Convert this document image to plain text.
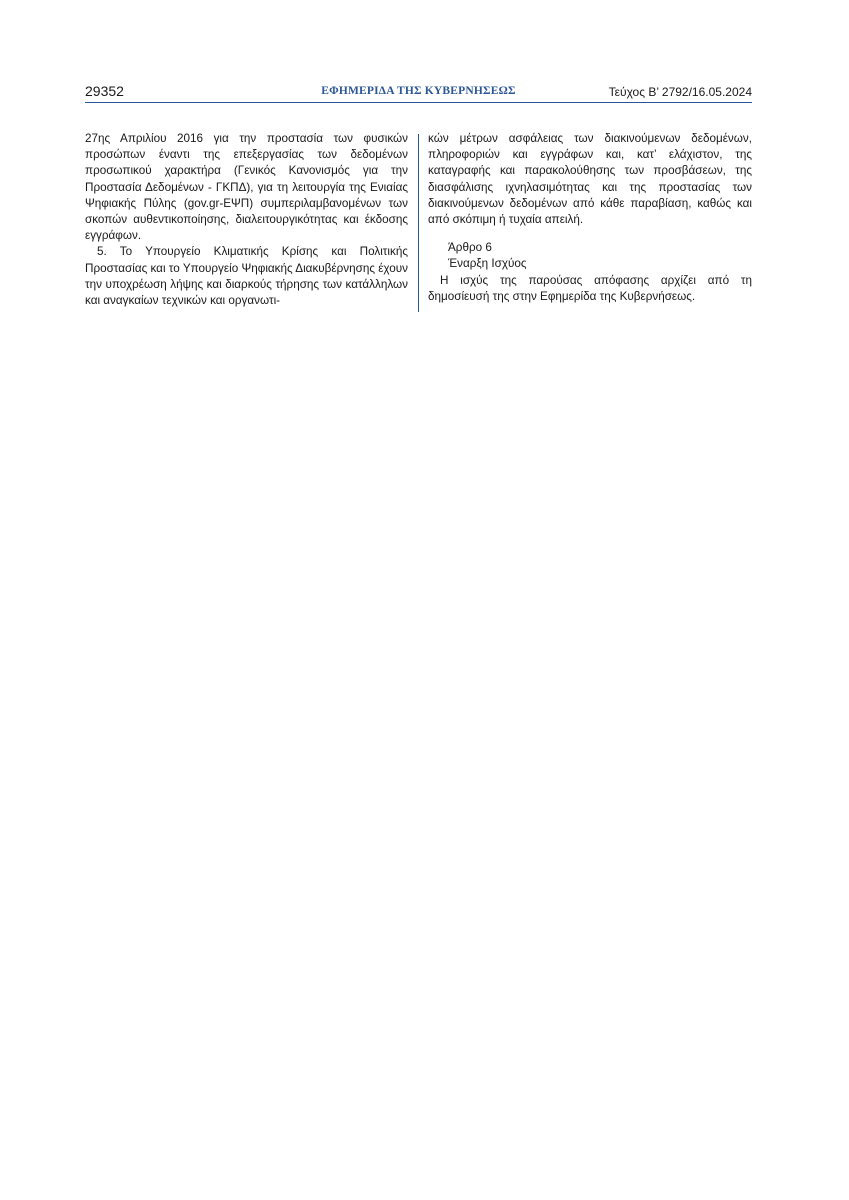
29352	ΕΦΗΜΕΡΙΔΑ ΤΗΣ ΚΥΒΕΡΝΗΣΕΩΣ	Τεύχος Β’ 2792/16.05.2024

27ης Απριλίου 2016 για την προστασία των φυσικών προσώπων έναντι της επεξεργασίας των δεδομένων προσωπικού χαρακτήρα (Γενικός Κανονισμός για την Προστασία Δεδομένων - ΓΚΠΔ), για τη λειτουργία της Ενιαίας Ψηφιακής Πύλης (gov.gr-ΕΨΠ) συμπεριλαμβανομένων των σκοπών αυθεντικοποίησης, διαλειτουργικότητας και έκδοσης εγγράφων.

5. Το Υπουργείο Κλιματικής Κρίσης και Πολιτικής Προστασίας και το Υπουργείο Ψηφιακής Διακυβέρνησης έχουν την υποχρέωση λήψης και διαρκούς τήρησης των κατάλληλων και αναγκαίων τεχνικών και οργανωτι-

κών μέτρων ασφάλειας των διακινούμενων δεδομένων, πληροφοριών και εγγράφων και, κατ’ ελάχιστον, της καταγραφής και παρακολούθησης των προσβάσεων, της διασφάλισης ιχνηλασιμότητας και της προστασίας των διακινούμενων δεδομένων από κάθε παραβίαση, καθώς και από σκόπιμη ή τυχαία απειλή.

Άρθρο 6

Έναρξη Ισχύος

Η ισχύς της παρούσας απόφασης αρχίζει από τη δημοσίευσή της στην Εφημερίδα της Κυβερνήσεως.
